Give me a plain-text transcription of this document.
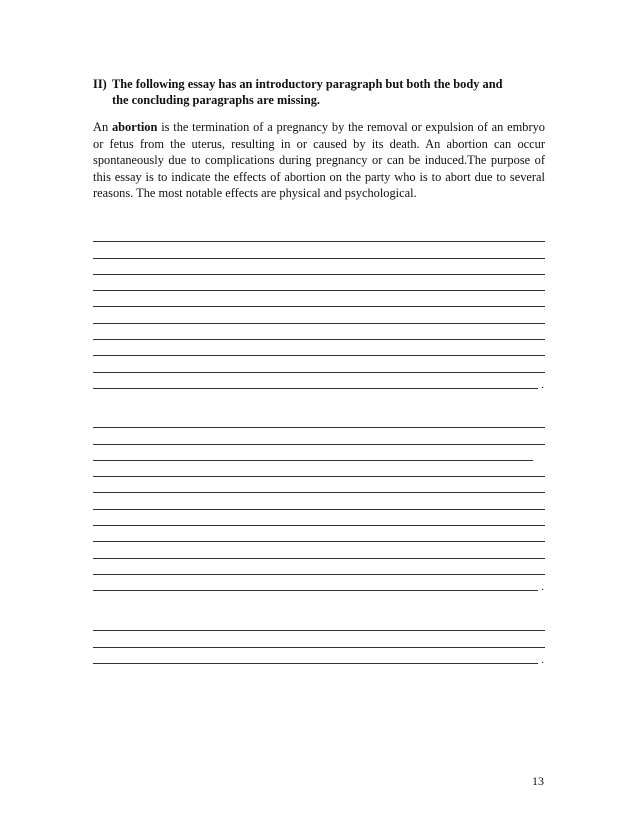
II) The following essay has an introductory paragraph but both the body and
the concluding paragraphs are missing.

An abortion is the termination of a pregnancy by the removal or expulsion of an embryo or fetus from the uterus, resulting in or caused by its death. An abortion can occur spontaneously due to complications during pregnancy or can be induced.The purpose of this essay is to indicate the effects of abortion on the party who is to abort due to several reasons. The most notable effects are physical and psychological.

.
.
.
13
